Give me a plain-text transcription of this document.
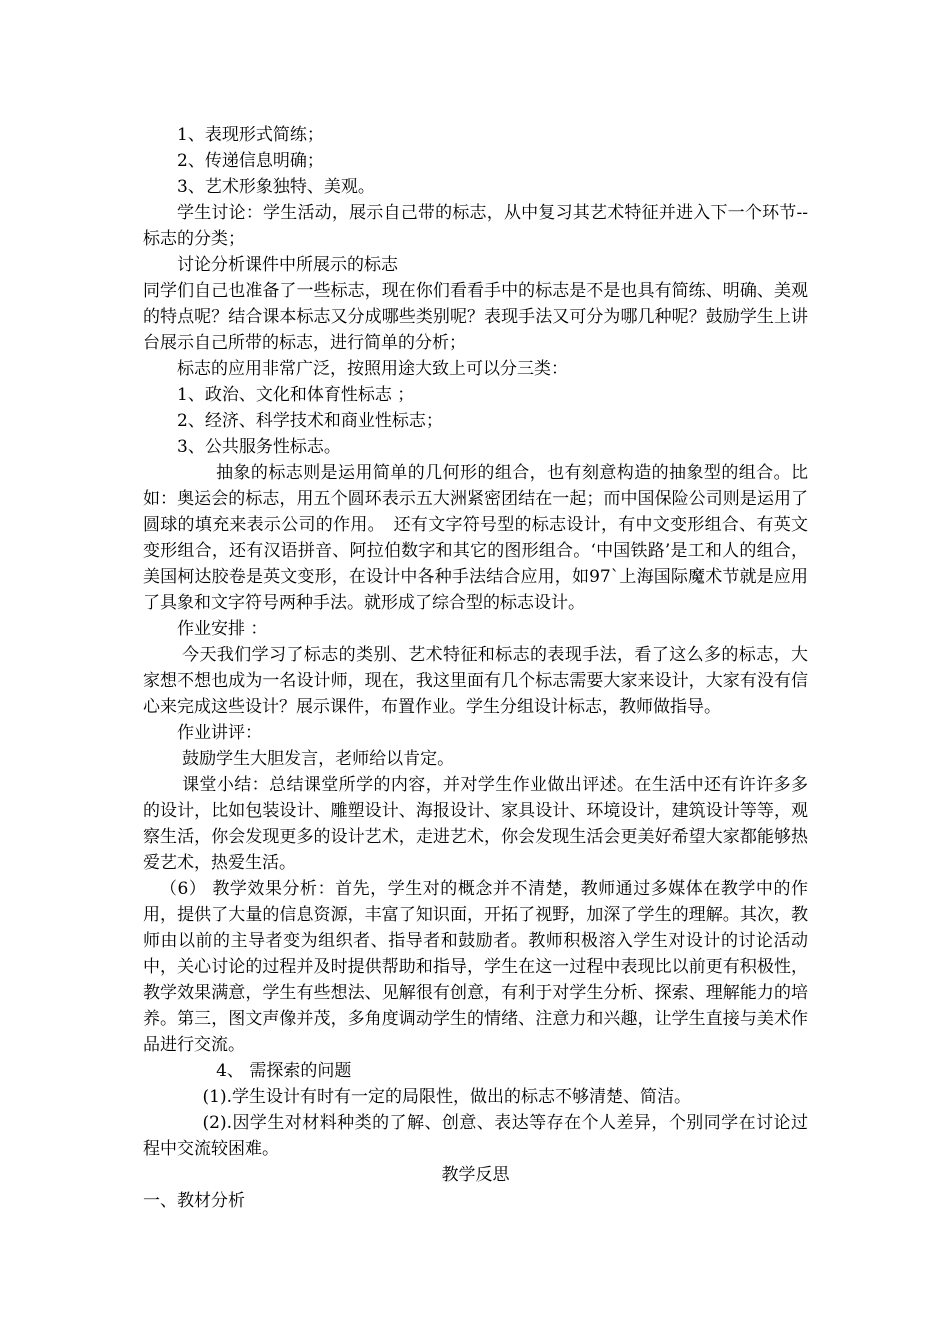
1、表现形式简练；

2、传递信息明确；

3、艺术形象独特、美观。

学生讨论：学生活动，展示自己带的标志，从中复习其艺术特征并进入下一个环节--标志的分类；

讨论分析课件中所展示的标志

同学们自己也准备了一些标志，现在你们看看手中的标志是不是也具有简练、明确、美观的特点呢？结合课本标志又分成哪些类别呢？表现手法又可分为哪几种呢？鼓励学生上讲台展示自己所带的标志，进行简单的分析；

标志的应用非常广泛，按照用途大致上可以分三类：

1、政治、文化和体育性标志 ；

2、经济、科学技术和商业性标志；

3、公共服务性标志。

抽象的标志则是运用简单的几何形的组合，也有刻意构造的抽象型的组合。比如：奥运会的标志，用五个圆环表示五大洲紧密团结在一起；而中国保险公司则是运用了圆球的填充来表示公司的作用。　还有文字符号型的标志设计，有中文变形组合、有英文变形组合，还有汉语拼音、阿拉伯数字和其它的图形组合。‘中国铁路’是工和人的组合，美国柯达胶卷是英文变形，在设计中各种手法结合应用，如97`上海国际魔术节就是应用了具象和文字符号两种手法。就形成了综合型的标志设计。

作业安排 ：

今天我们学习了标志的类别、艺术特征和标志的表现手法，看了这么多的标志，大家想不想也成为一名设计师，现在，我这里面有几个标志需要大家来设计，大家有没有信心来完成这些设计？展示课件，布置作业。学生分组设计标志，教师做指导。

作业讲评：

鼓励学生大胆发言，老师给以肯定。

课堂小结：总结课堂所学的内容，并对学生作业做出评述。在生活中还有许许多多的设计，比如包装设计、雕塑设计、海报设计、家具设计、环境设计，建筑设计等等，观察生活，你会发现更多的设计艺术，走进艺术，你会发现生活会更美好希望大家都能够热爱艺术，热爱生活。

（6） 教学效果分析：首先，学生对的概念并不清楚，教师通过多媒体在教学中的作用，提供了大量的信息资源，丰富了知识面，开拓了视野，加深了学生的理解。其次，教师由以前的主导者变为组织者、指导者和鼓励者。教师积极溶入学生对设计的讨论活动中，关心讨论的过程并及时提供帮助和指导，学生在这一过程中表现比以前更有积极性，教学效果满意，学生有些想法、见解很有创意，有利于对学生分析、探索、理解能力的培养。第三，图文声像并茂，多角度调动学生的情绪、注意力和兴趣，让学生直接与美术作品进行交流。

4、 需探索的问题

(1).学生设计有时有一定的局限性，做出的标志不够清楚、简洁。

(2).因学生对材料种类的了解、创意、表达等存在个人差异，个别同学在讨论过程中交流较困难。

教学反思

一、教材分析
